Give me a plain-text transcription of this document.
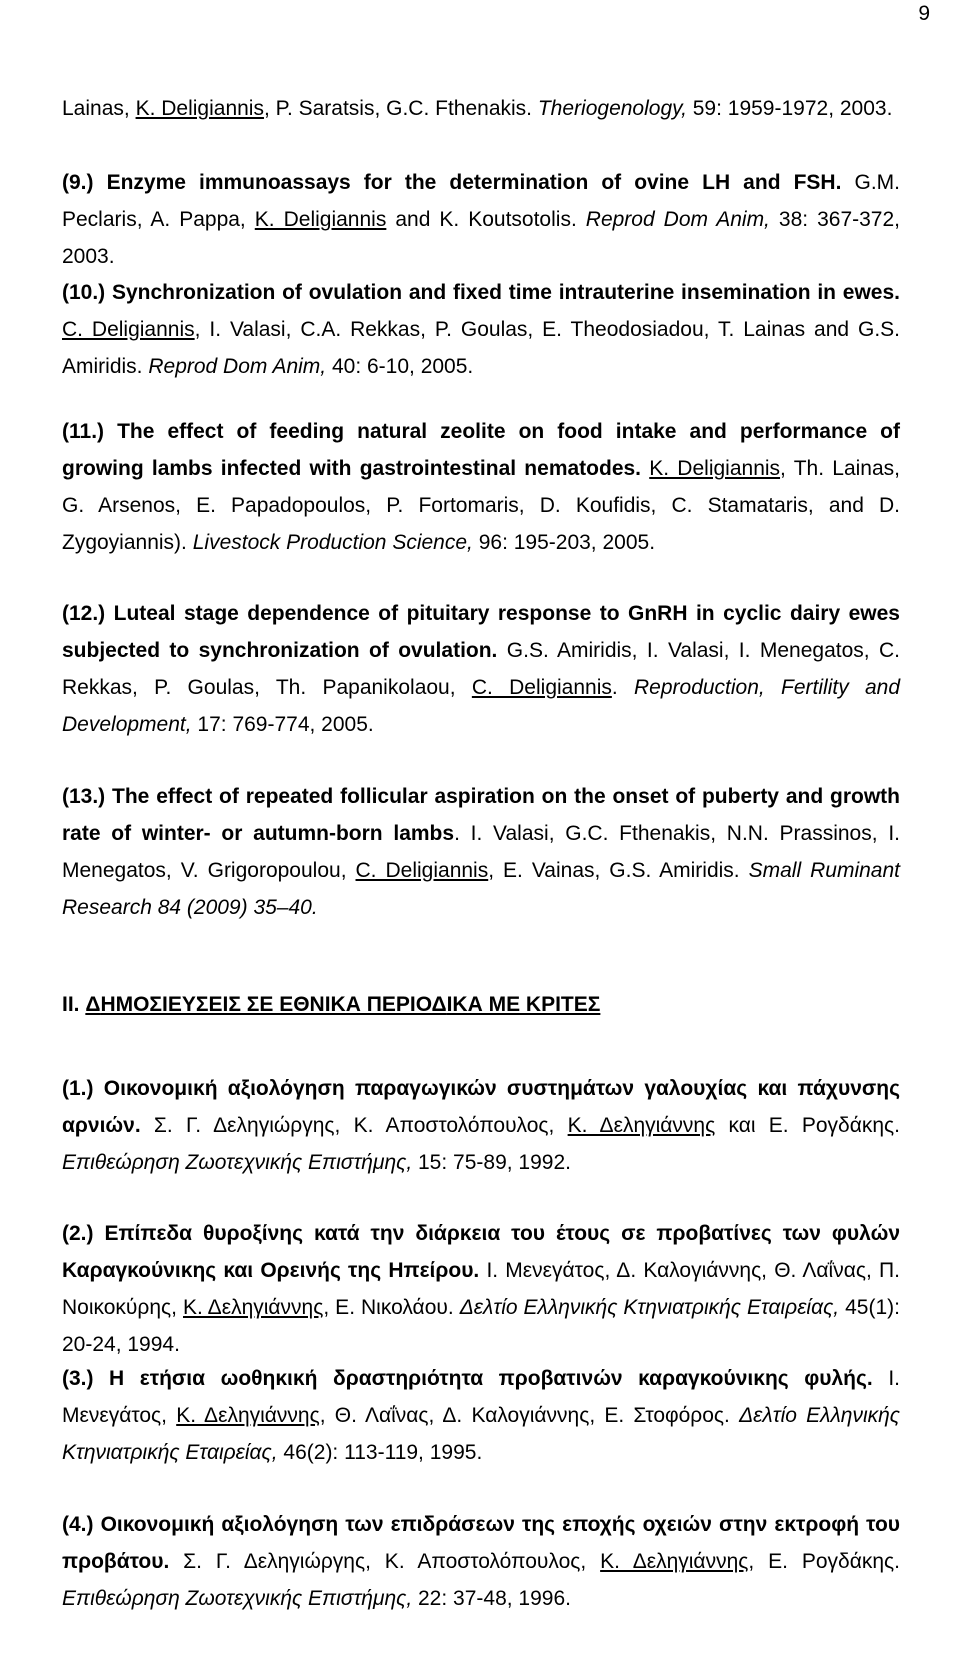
9

Lainas, K. Deligiannis, P. Saratsis, G.C. Fthenakis. Theriogenology, 59: 1959-1972, 2003.

(9.) Enzyme immunoassays for the determination of ovine LH and FSH. G.M. Peclaris, A. Pappa, K. Deligiannis and K. Koutsotolis. Reprod Dom Anim, 38: 367-372, 2003.

(10.) Synchronization of ovulation and fixed time intrauterine insemination in ewes. C. Deligiannis, I. Valasi, C.A. Rekkas, P. Goulas, E. Theodosiadou, T. Lainas and G.S. Amiridis. Reprod Dom Anim, 40: 6-10, 2005.

(11.) The effect of feeding natural zeolite on food intake and performance of growing lambs infected with gastrointestinal nematodes. K. Deligiannis, Th. Lainas, G. Arsenos, E. Papadopoulos, P. Fortomaris, D. Koufidis, C. Stamataris, and D. Zygoyiannis). Livestock Production Science, 96: 195-203, 2005.

(12.) Luteal stage dependence of pituitary response to GnRH in cyclic dairy ewes subjected to synchronization of ovulation. G.S. Amiridis, I. Valasi, I. Menegatos, C. Rekkas, P. Goulas, Th. Papanikolaou, C. Deligiannis. Reproduction, Fertility and Development, 17: 769-774, 2005.

(13.) The effect of repeated follicular aspiration on the onset of puberty and growth rate of winter- or autumn-born lambs. I. Valasi, G.C. Fthenakis, N.N. Prassinos, I. Menegatos, V. Grigoropoulou, C. Deligiannis, E. Vainas, G.S. Amiridis. Small Ruminant Research 84 (2009) 35–40.

II. ΔΗΜΟΣΙΕΥΣΕΙΣ ΣΕ ΕΘΝΙΚΑ ΠΕΡΙΟΔΙΚΑ ΜΕ ΚΡΙΤΕΣ

(1.) Οικονομική αξιολόγηση παραγωγικών συστημάτων γαλουχίας και πάχυνσης αρνιών. Σ. Γ. Δεληγιώργης, Κ. Αποστολόπουλος, Κ. Δεληγιάννης και Ε. Ρογδάκης. Επιθεώρηση Ζωοτεχνικής Επιστήμης, 15: 75-89, 1992.

(2.) Επίπεδα θυροξίνης κατά την διάρκεια του έτους σε προβατίνες των φυλών Καραγκούνικης και Ορεινής της Ηπείρου. Ι. Μενεγάτος, Δ. Καλογιάννης, Θ. Λαΐνας, Π. Νοικοκύρης, Κ. Δεληγιάννης, Ε. Νικολάου. Δελτίο Ελληνικής Κτηνιατρικής Εταιρείας, 45(1): 20-24, 1994.

(3.) Η ετήσια ωοθηκική δραστηριότητα προβατινών καραγκούνικης φυλής. Ι. Μενεγάτος, Κ. Δεληγιάννης, Θ. Λαΐνας, Δ. Καλογιάννης, Ε. Στοφόρος. Δελτίο Ελληνικής Κτηνιατρικής Εταιρείας, 46(2): 113-119, 1995.

(4.) Οικονομική αξιολόγηση των επιδράσεων της εποχής οχειών στην εκτροφή του προβάτου. Σ. Γ. Δεληγιώργης, Κ. Αποστολόπουλος, Κ. Δεληγιάννης, Ε. Ρογδάκης. Επιθεώρηση Ζωοτεχνικής Επιστήμης, 22: 37-48, 1996.
